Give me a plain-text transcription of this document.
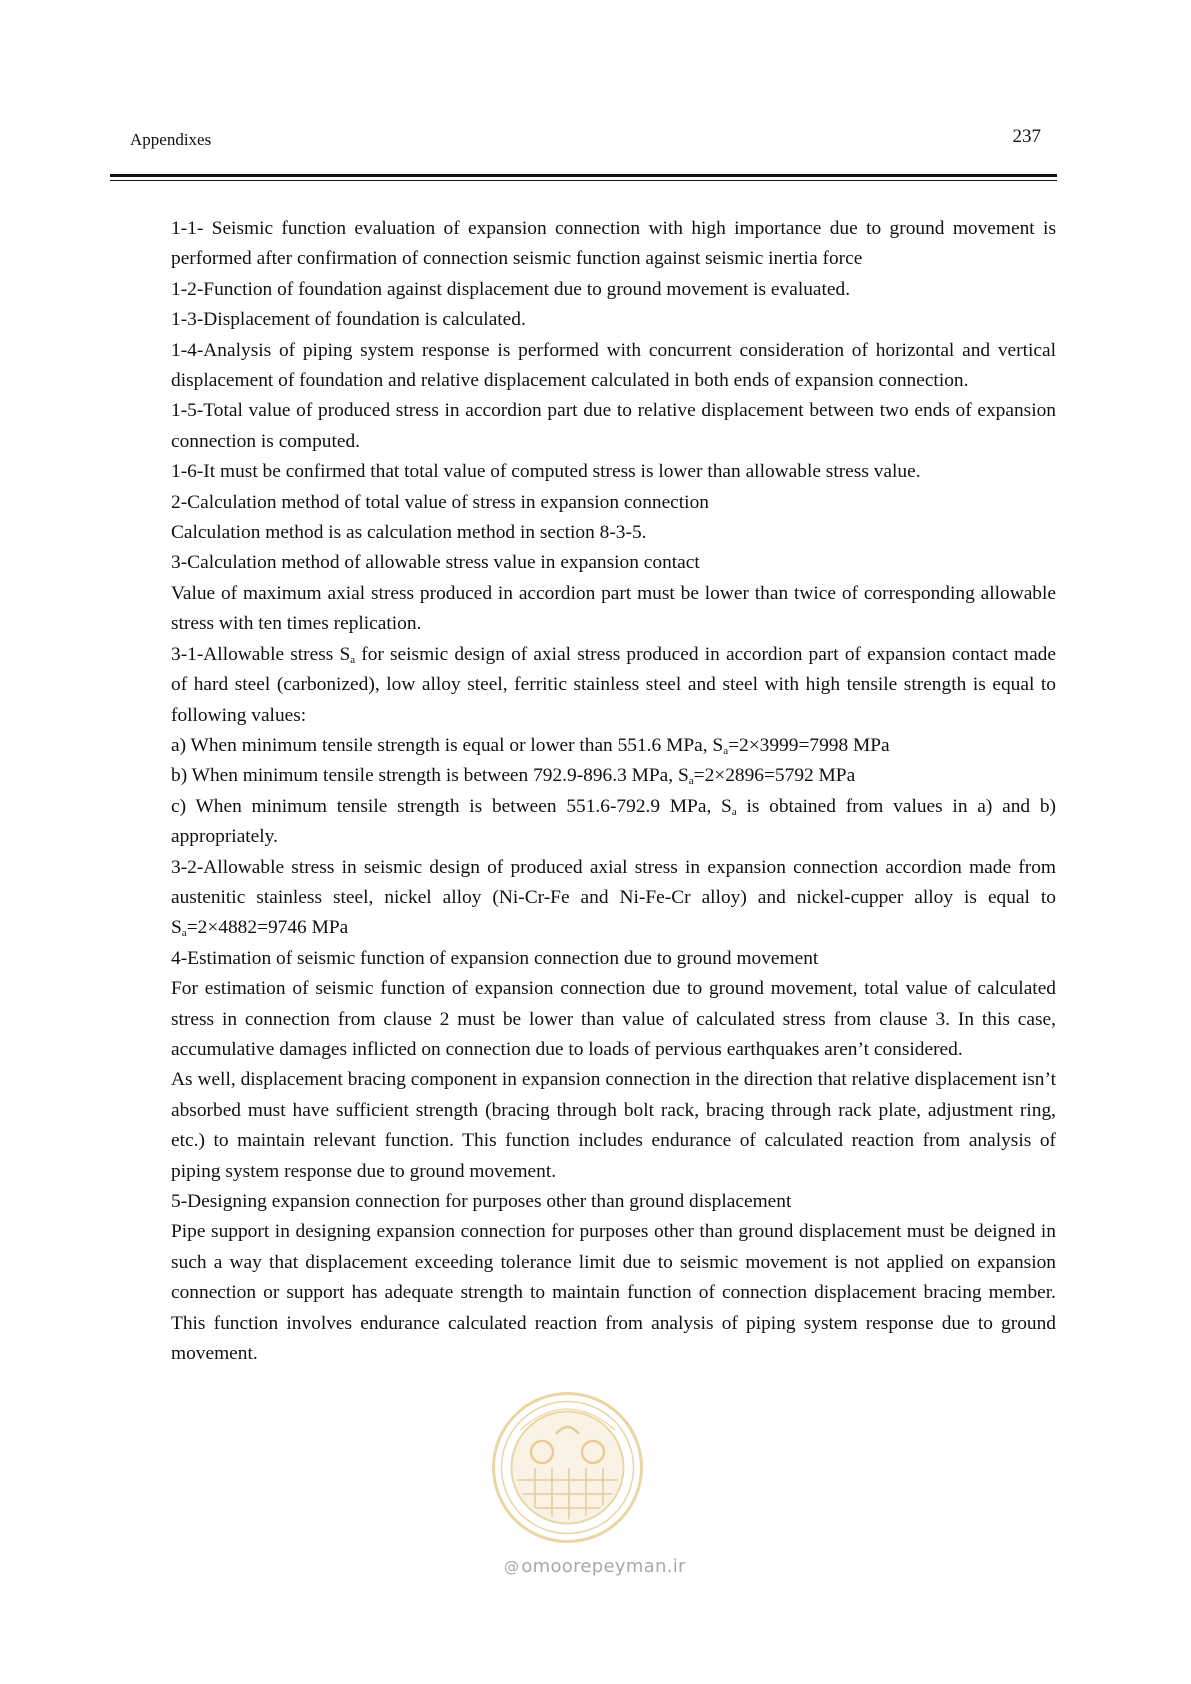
Appendixes	237

1-1- Seismic function evaluation of expansion connection with high importance due to ground movement is performed after confirmation of connection seismic function against seismic inertia force

1-2-Function of foundation against displacement due to ground movement is evaluated.

1-3-Displacement of foundation is calculated.

1-4-Analysis of piping system response is performed with concurrent consideration of horizontal and vertical displacement of foundation and relative displacement calculated in both ends of expansion connection.

1-5-Total value of produced stress in accordion part due to relative displacement between two ends of expansion connection is computed.

1-6-It must be confirmed that total value of computed stress is lower than allowable stress value.

2-Calculation method of total value of stress in expansion connection

Calculation method is as calculation method in section 8-3-5.

3-Calculation method of allowable stress value in expansion contact

Value of maximum axial stress produced in accordion part must be lower than twice of corresponding allowable stress with ten times replication.

3-1-Allowable stress $S_a$ for seismic design of axial stress produced in accordion part of expansion contact made of hard steel (carbonized), low alloy steel, ferritic stainless steel and steel with high tensile strength is equal to following values:

a) When minimum tensile strength is equal or lower than 551.6 MPa, $S_a=2\times 3999=7998$ MPa

b) When minimum tensile strength is between 792.9-896.3 MPa, $S_a=2\times 2896=5792$ MPa

c) When minimum tensile strength is between 551.6-792.9 MPa, $S_a$ is obtained from values in a) and b) appropriately.

3-2-Allowable stress in seismic design of produced axial stress in expansion connection accordion made from austenitic stainless steel, nickel alloy (Ni-Cr-Fe and Ni-Fe-Cr alloy) and nickel-cupper alloy is equal to $S_a=2\times 4882=9746$ MPa

4-Estimation of seismic function of expansion connection due to ground movement

For estimation of seismic function of expansion connection due to ground movement, total value of calculated stress in connection from clause 2 must be lower than value of calculated stress from clause 3. In this case, accumulative damages inflicted on connection due to loads of pervious earthquakes aren’t considered.

As well, displacement bracing component in expansion connection in the direction that relative displacement isn’t absorbed must have sufficient strength (bracing through bolt rack, bracing through rack plate, adjustment ring, etc.) to maintain relevant function. This function includes endurance of calculated reaction from analysis of piping system response due to ground movement.

5-Designing expansion connection for purposes other than ground displacement

Pipe support in designing expansion connection for purposes other than ground displacement must be deigned in such a way that displacement exceeding tolerance limit due to seismic movement is not applied on expansion connection or support has adequate strength to maintain function of connection displacement bracing member. This function involves endurance calculated reaction from analysis of piping system response due to ground movement.

@ omoorepeyman.ir
